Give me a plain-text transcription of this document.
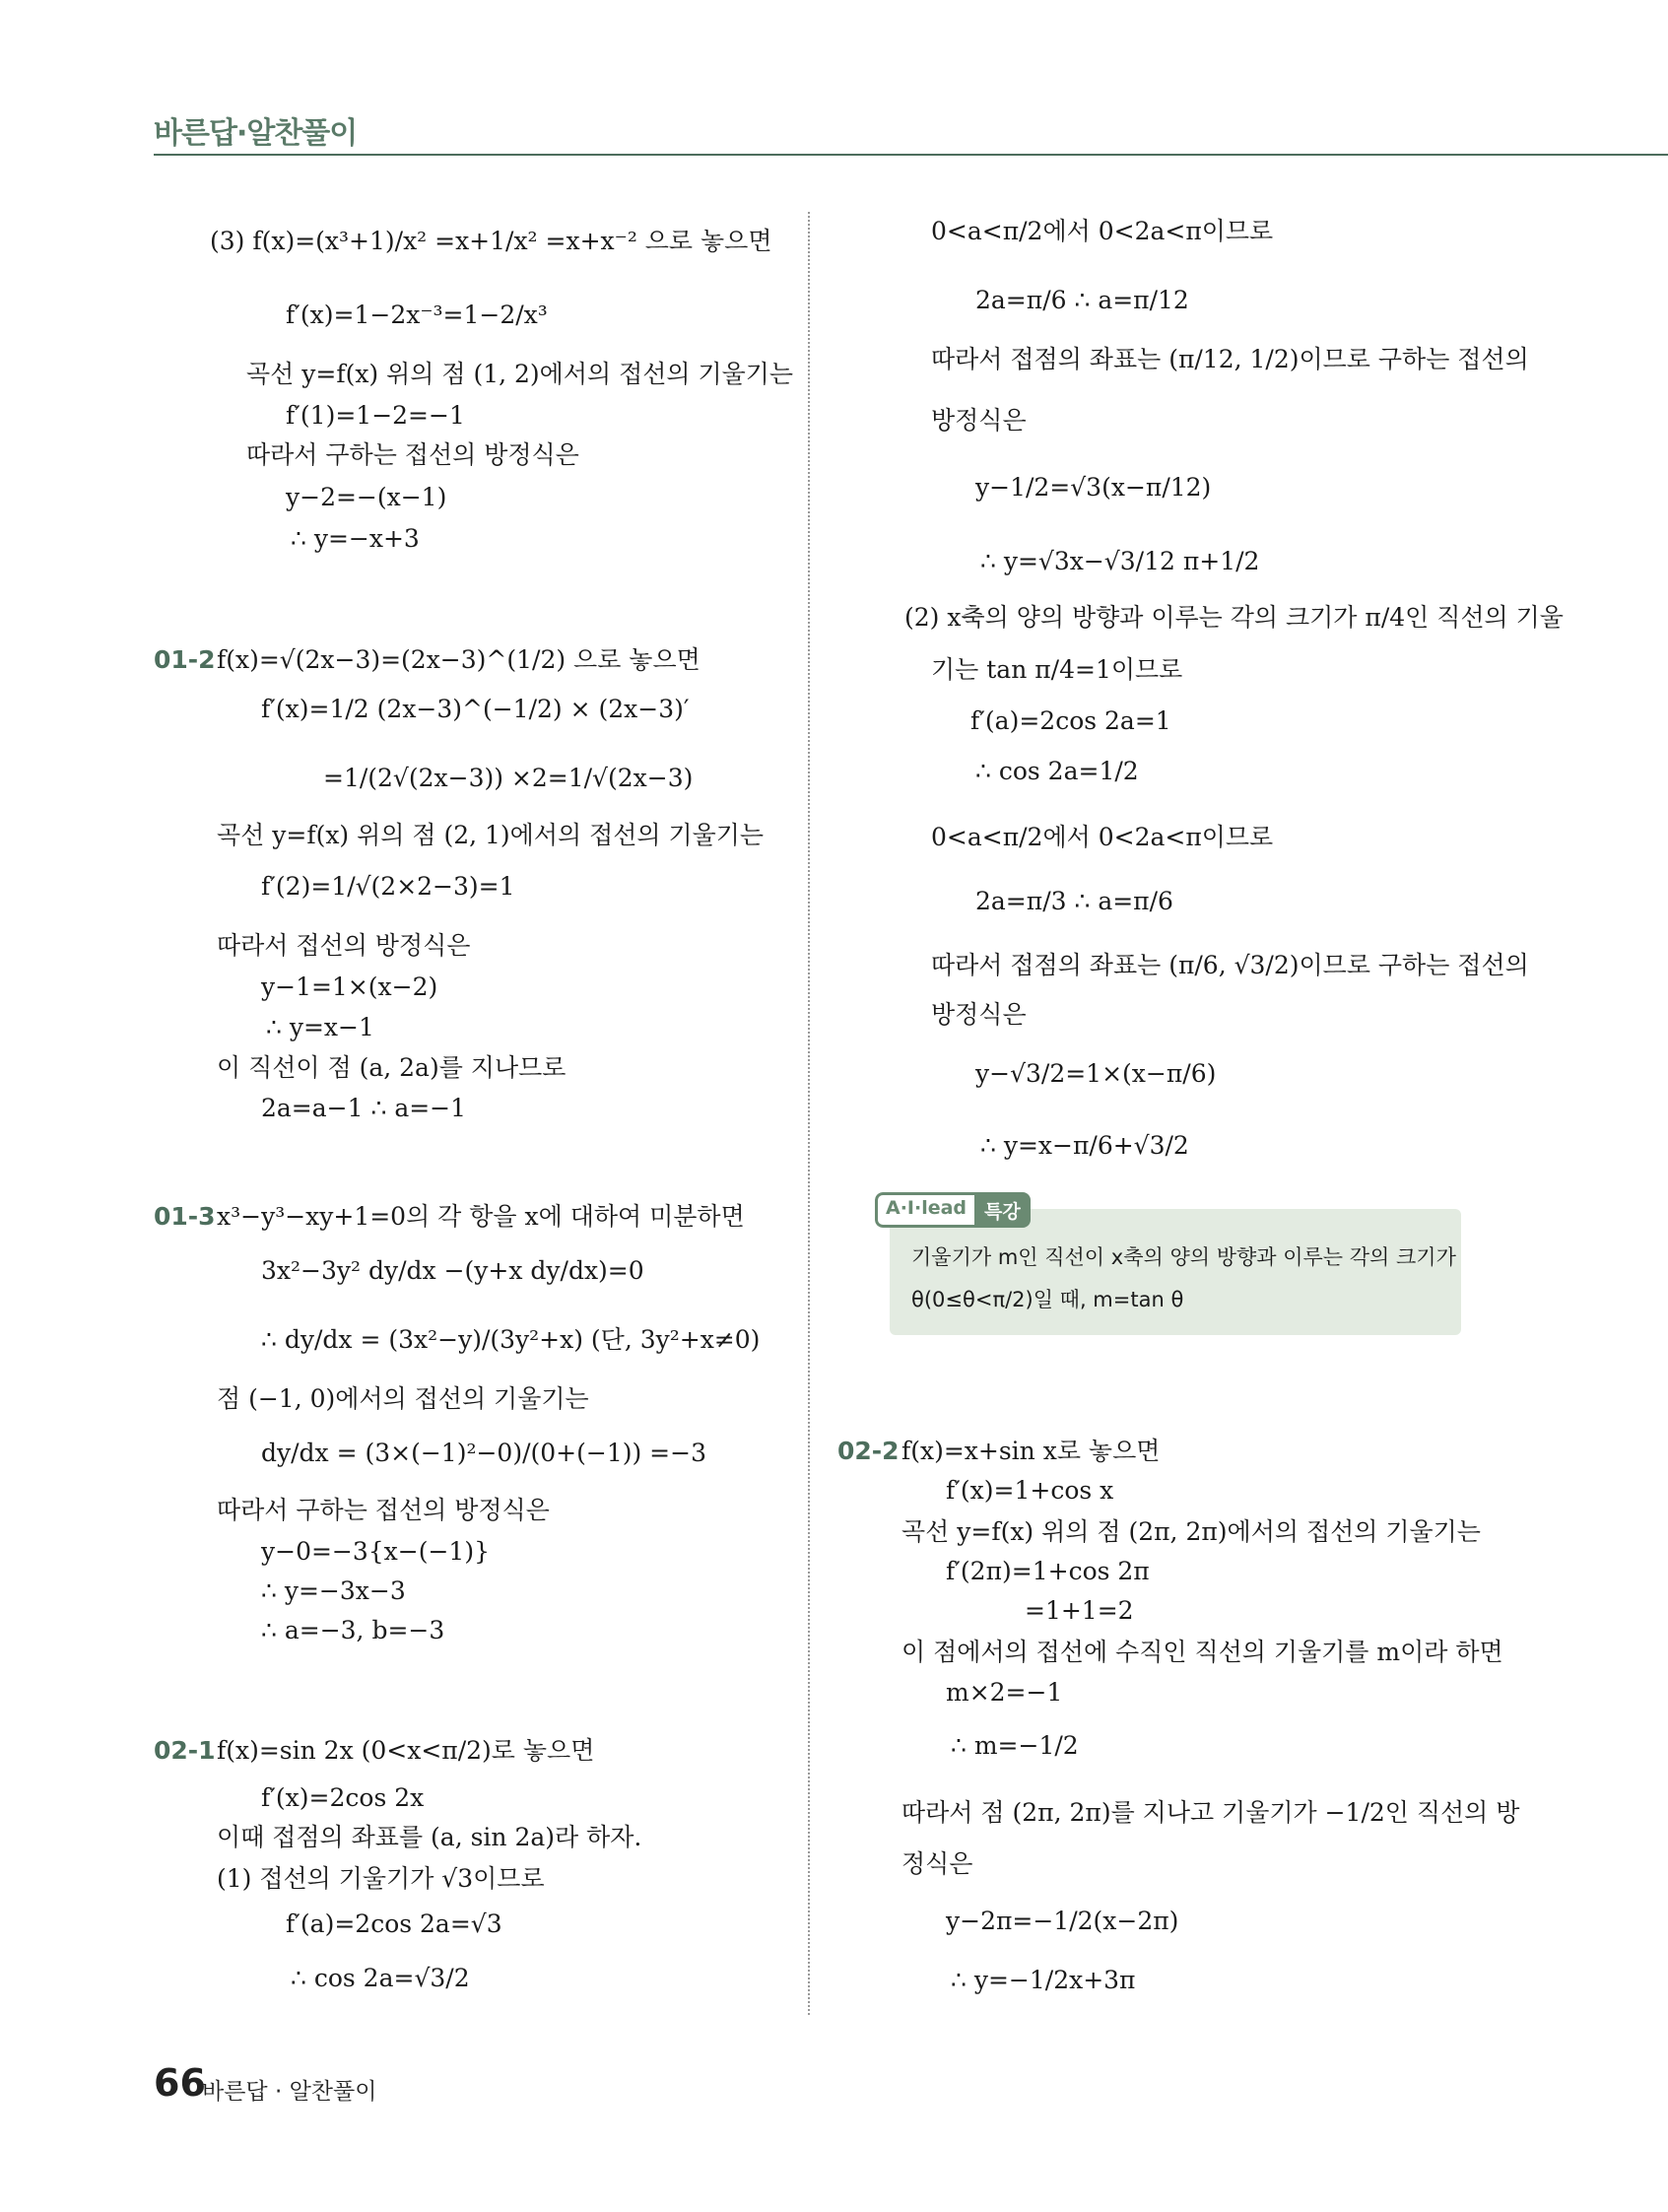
바른답·알찬풀이
(3) f(x)=(x³+1)/x² =x+1/x² =x+x⁻² 으로 놓으면
f′(x)=1−2x⁻³=1−2/x³
곡선 y=f(x) 위의 점 (1, 2)에서의 접선의 기울기는
f′(1)=1−2=−1
따라서 구하는 접선의 방정식은
y−2=−(x−1)
∴ y=−x+3
01-2 f(x)=√(2x−3)=(2x−3)^(1/2) 으로 놓으면
f′(x)=1/2 (2x−3)^(−1/2) × (2x−3)′
=1/(2√(2x−3)) ×2=1/√(2x−3)
곡선 y=f(x) 위의 점 (2, 1)에서의 접선의 기울기는
f′(2)=1/√(2×2−3)=1
따라서 접선의 방정식은
y−1=1×(x−2)
∴ y=x−1
이 직선이 점 (a, 2a)를 지나므로
2a=a−1 ∴ a=−1
01-3 x³−y³−xy+1=0의 각 항을 x에 대하여 미분하면
3x²−3y² dy/dx −(y+x dy/dx)=0
∴ dy/dx = (3x²−y)/(3y²+x) (단, 3y²+x≠0)
점 (−1, 0)에서의 접선의 기울기는
dy/dx = (3×(−1)²−0)/(0+(−1)) =−3
따라서 구하는 접선의 방정식은
y−0=−3{x−(−1)}
∴ y=−3x−3
∴ a=−3, b=−3
02-1 f(x)=sin 2x (0<x<π/2)로 놓으면
f′(x)=2cos 2x
이때 접점의 좌표를 (a, sin 2a)라 하자.
(1) 접선의 기울기가 √3이므로
f′(a)=2cos 2a=√3
∴ cos 2a=√3/2
0<a<π/2에서 0<2a<π이므로
2a=π/6 ∴ a=π/12
따라서 접점의 좌표는 (π/12, 1/2)이므로 구하는 접선의
방정식은
y−1/2=√3(x−π/12)
∴ y=√3x−√3/12 π+1/2
(2) x축의 양의 방향과 이루는 각의 크기가 π/4인 직선의 기울
기는 tan π/4=1이므로
f′(a)=2cos 2a=1
∴ cos 2a=1/2
0<a<π/2에서 0<2a<π이므로
2a=π/3 ∴ a=π/6
따라서 접점의 좌표는 (π/6, √3/2)이므로 구하는 접선의
방정식은
y−√3/2=1×(x−π/6)
∴ y=x−π/6+√3/2
A·I·lead 특강
기울기가 m인 직선이 x축의 양의 방향과 이루는 각의 크기가
θ(0≤θ<π/2)일 때, m=tan θ
02-2 f(x)=x+sin x로 놓으면
f′(x)=1+cos x
곡선 y=f(x) 위의 점 (2π, 2π)에서의 접선의 기울기는
f′(2π)=1+cos 2π
=1+1=2
이 점에서의 접선에 수직인 직선의 기울기를 m이라 하면
m×2=−1
∴ m=−1/2
따라서 점 (2π, 2π)를 지나고 기울기가 −1/2인 직선의 방
정식은
y−2π=−1/2(x−2π)
∴ y=−1/2x+3π
66
바른답 · 알찬풀이
